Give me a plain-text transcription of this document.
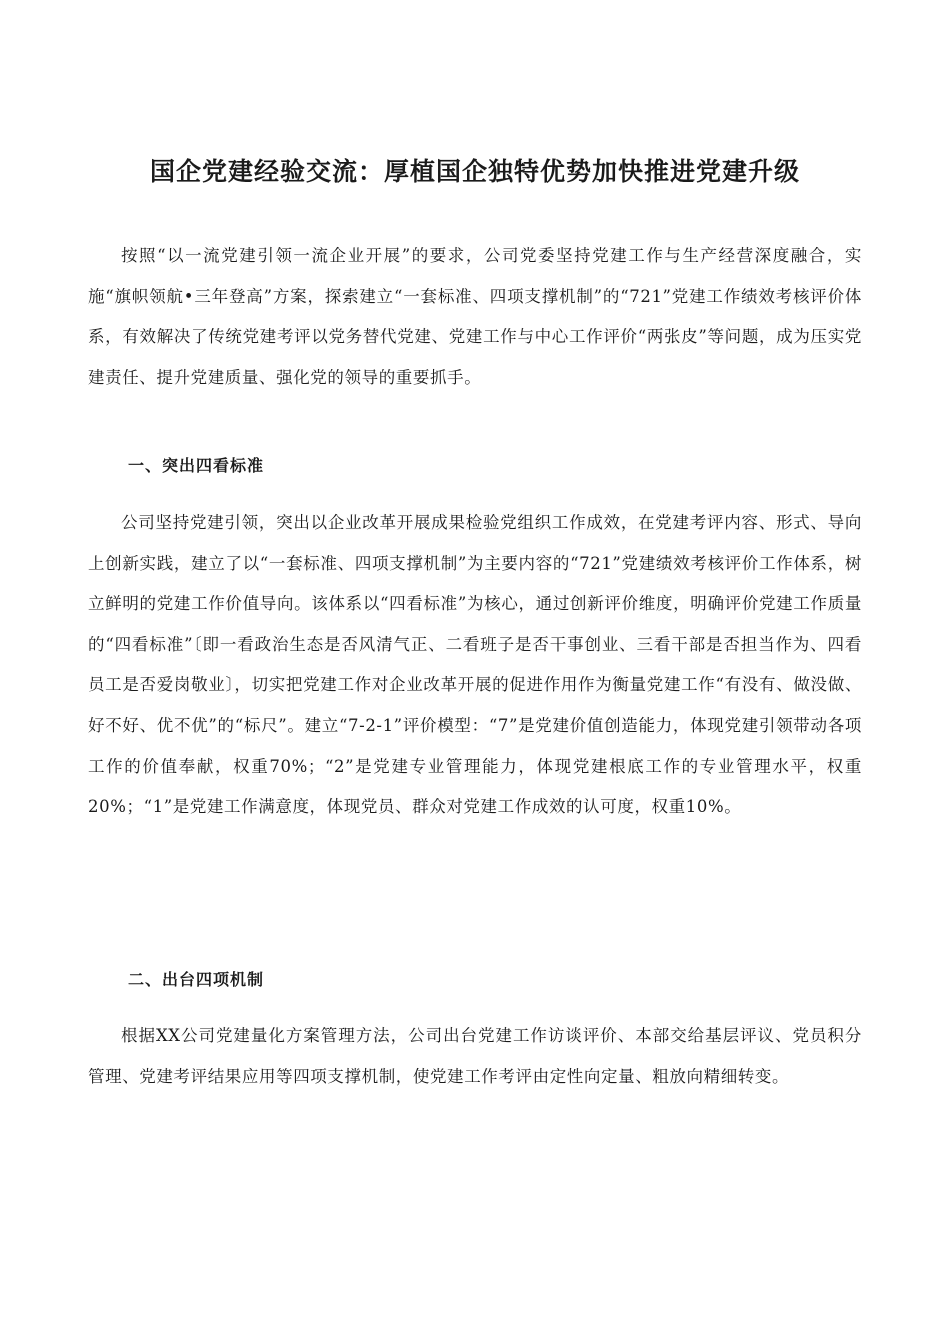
国企党建经验交流：厚植国企独特优势加快推进党建升级

按照“以一流党建引领一流企业开展”的要求，公司党委坚持党建工作与生产经营深度融合，实施“旗帜领航•三年登高”方案，探索建立“一套标准、四项支撑机制”的“721”党建工作绩效考核评价体系，有效解决了传统党建考评以党务替代党建、党建工作与中心工作评价“两张皮”等问题，成为压实党建责任、提升党建质量、强化党的领导的重要抓手。

一、突出四看标准

公司坚持党建引领，突出以企业改革开展成果检验党组织工作成效，在党建考评内容、形式、导向上创新实践，建立了以“一套标准、四项支撑机制”为主要内容的“721”党建绩效考核评价工作体系，树立鲜明的党建工作价值导向。该体系以“四看标准”为核心，通过创新评价维度，明确评价党建工作质量的“四看标准”〔即一看政治生态是否风清气正、二看班子是否干事创业、三看干部是否担当作为、四看员工是否爱岗敬业〕，切实把党建工作对企业改革开展的促进作用作为衡量党建工作“有没有、做没做、好不好、优不优”的“标尺”。建立“7-2-1”评价模型：“7”是党建价值创造能力，体现党建引领带动各项工作的价值奉献，权重70%；“2”是党建专业管理能力，体现党建根底工作的专业管理水平，权重20%；“1”是党建工作满意度，体现党员、群众对党建工作成效的认可度，权重10%。

二、出台四项机制

根据XX公司党建量化方案管理方法，公司出台党建工作访谈评价、本部交给基层评议、党员积分管理、党建考评结果应用等四项支撑机制，使党建工作考评由定性向定量、粗放向精细转变。
